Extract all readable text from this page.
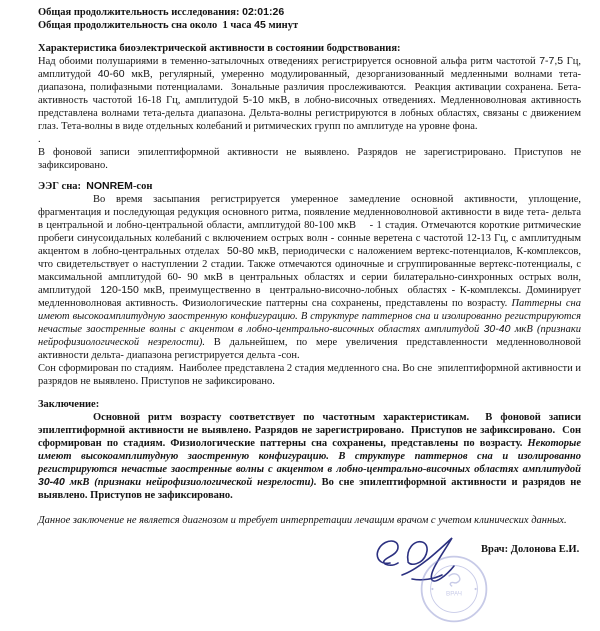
Общая продолжительность исследования: 02:01:26

Общая продолжительность сна около  1 часа 45 минут

Характеристика биоэлектрической активности в состоянии бодрствования:

Над обоими полушариями в теменно-затылочных отведениях регистрируется основной альфа ритм частотой 7-7,5 Гц, амплитудой 40-60 мкВ, регулярный, умеренно модулированный, дезорганизованный медленными волнами тета-диапазона, полифазными потенциалами.  Зональные различия прослеживаются.  Реакция активации сохранена. Бета-активность частотой 16-18 Гц, амплитудой 5-10 мкВ, в лобно-височных отведениях. Медленноволновая активность представлена волнами тета-дельта диапазона. Дельта-волны регистрируются в лобных областях, связаны с движением глаз. Тета-волны в виде отдельных колебаний и ритмических групп по амплитуде на уровне фона.

.

В фоновой записи эпилептиформной активности не выявлено. Разрядов не зарегистрировано. Приступов не зафиксировано.

ЭЭГ сна:  NONREM-сон

Во время засыпания регистрируется умеренное замедление основной активности, уплощение, фрагментация и последующая редукция основного ритма, появление медленноволновой активности в виде тета- дельта в центральной и лобно-центральной области, амплитудой 80-100 мкВ    - 1 стадия. Отмечаются короткие ритмические пробеги синусоидальных колебаний с включением острых волн - сонные веретена с частотой 12-13 Гц, с амплитудным акцентом в лобно-центральных отделах  50-80 мкВ, периодически с наложением вертекс-потенциалов, К-комплексов, что свидетельствует о наступлении 2 стадии. Также отмечаются одиночные и сгруппированные вертекс-потенциалы, с максимальной амплитудой 60- 90 мкВ в центральных областях и серии билатерально-синхронных острых волн, амплитудой  120-150 мкВ, преимущественно в  центрально-височно-лобных  областях - К-комплексы. Доминирует медленноволновая активность. Физиологические паттерны сна сохранены, представлены по возрасту. Паттерны сна имеют высокоамплитудную заостренную конфигурацию. В структуре паттернов сна и изолированно регистрируются нечастые заостренные волны с акцентом в лобно-центрально-височных областях амплитудой 30-40 мкВ (признаки нейрофизиологической незрелости). В дальнейшем, по мере увеличения представленности медленноволновой активности дельта- диапазона регистрируется дельта -сон.

Сон сформирован по стадиям.  Наиболее представлена 2 стадия медленного сна. Во сне  эпилептиформной активности и разрядов не выявлено. Приступов не зафиксировано.

Заключение:

Основной ритм возрасту соответствует по частотным характеристикам.  В фоновой записи эпилептиформной активности не выявлено. Разрядов не зарегистрировано.  Приступов не зафиксировано.  Сон сформирован по стадиям. Физиологические паттерны сна сохранены, представлены по возрасту. Некоторые имеют высокоамплитудную заостренную конфигурацию. В структуре паттернов сна и изолированно регистрируются нечастые заостренные волны с акцентом в лобно-центрально-височных областях амплитудой 30-40 мкВ (признаки нейрофизиологической незрелости). Во сне эпилептиформной активности и разрядов не выявлено. Приступов не зафиксировано.

Данное заключение не является диагнозом и требует интерпретации лечащим врачом с учетом клинических данных.

ВРАЧ
Врач: Долонова Е.И.
